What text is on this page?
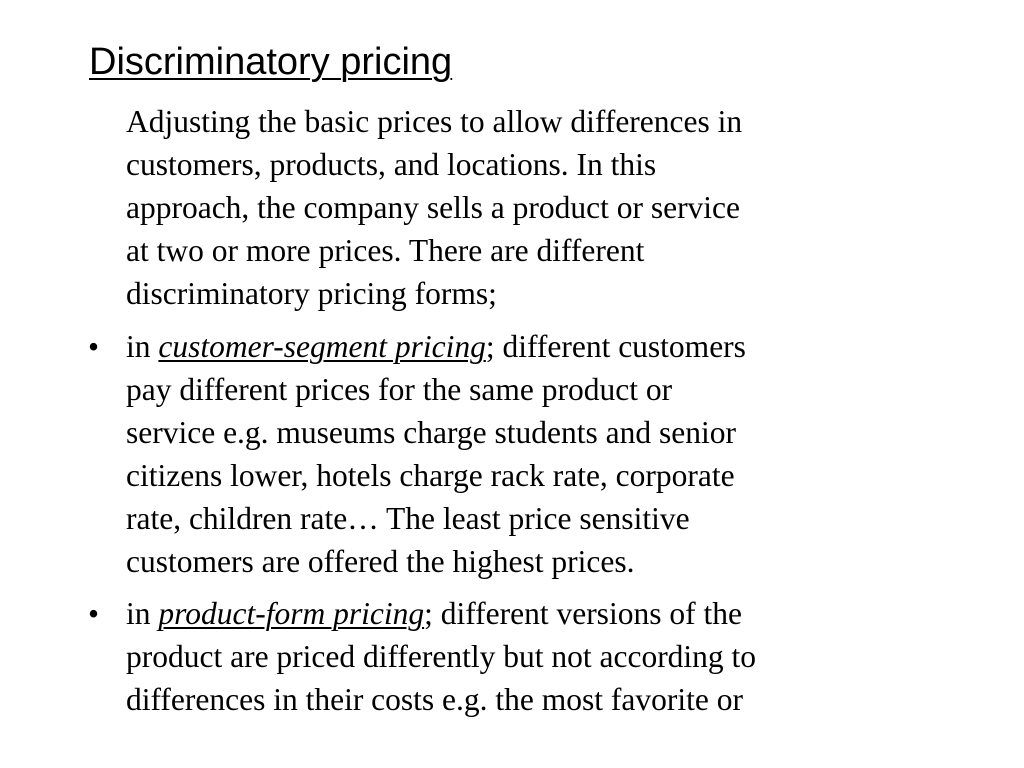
Discriminatory pricing
Adjusting the basic prices to allow differences in
customers, products, and locations. In this
approach, the company sells a product or service
at two or more prices. There are different
discriminatory pricing forms;
• in customer-segment pricing; different customers
pay different prices for the same product or
service e.g. museums charge students and senior
citizens lower, hotels charge rack rate, corporate
rate, children rate… The least price sensitive
customers are offered the highest prices.
• in product-form pricing; different versions of the
product are priced differently but not according to
differences in their costs e.g. the most favorite or
